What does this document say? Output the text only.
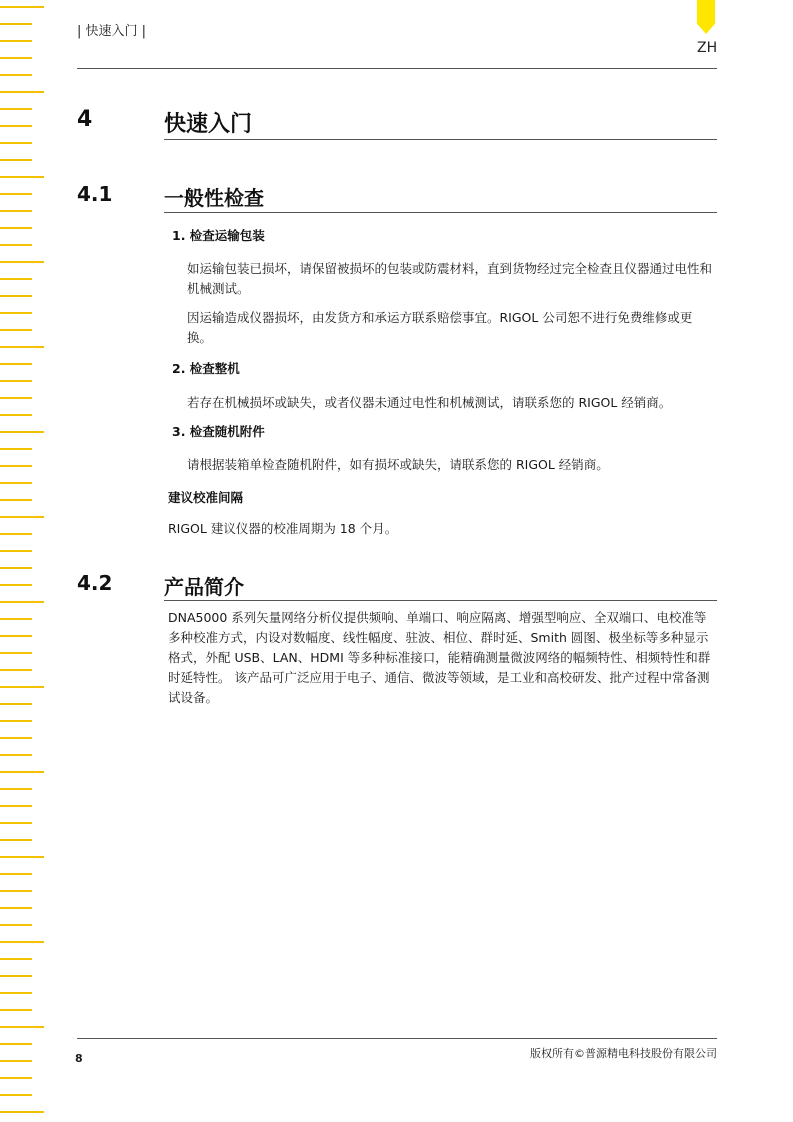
ZH
| 快速入门 |
4	快速入门
4.1	一般性检查
1. 检查运输包装
如运输包装已损坏，请保留被损坏的包装或防震材料，直到货物经过完全检查且仪器通过电性和机械测试。
因运输造成仪器损坏，由发货方和承运方联系赔偿事宜。RIGOL 公司恕不进行免费维修或更换。
2. 检查整机
若存在机械损坏或缺失，或者仪器未通过电性和机械测试，请联系您的 RIGOL 经销商。
3. 检查随机附件
请根据装箱单检查随机附件，如有损坏或缺失，请联系您的 RIGOL 经销商。
建议校准间隔
RIGOL 建议仪器的校准周期为 18 个月。
4.2	产品简介
DNA5000 系列矢量网络分析仪提供频响、单端口、响应隔离、增强型响应、全双端口、电校准等多种校准方式，内设对数幅度、线性幅度、驻波、相位、群时延、Smith 圆图、极坐标等多种显示格式，外配 USB、LAN、HDMI 等多种标准接口，能精确测量微波网络的幅频特性、相频特性和群时延特性。 该产品可广泛应用于电子、通信、微波等领域，是工业和高校研发、批产过程中常备测试设备。
8	版权所有©普源精电科技股份有限公司
